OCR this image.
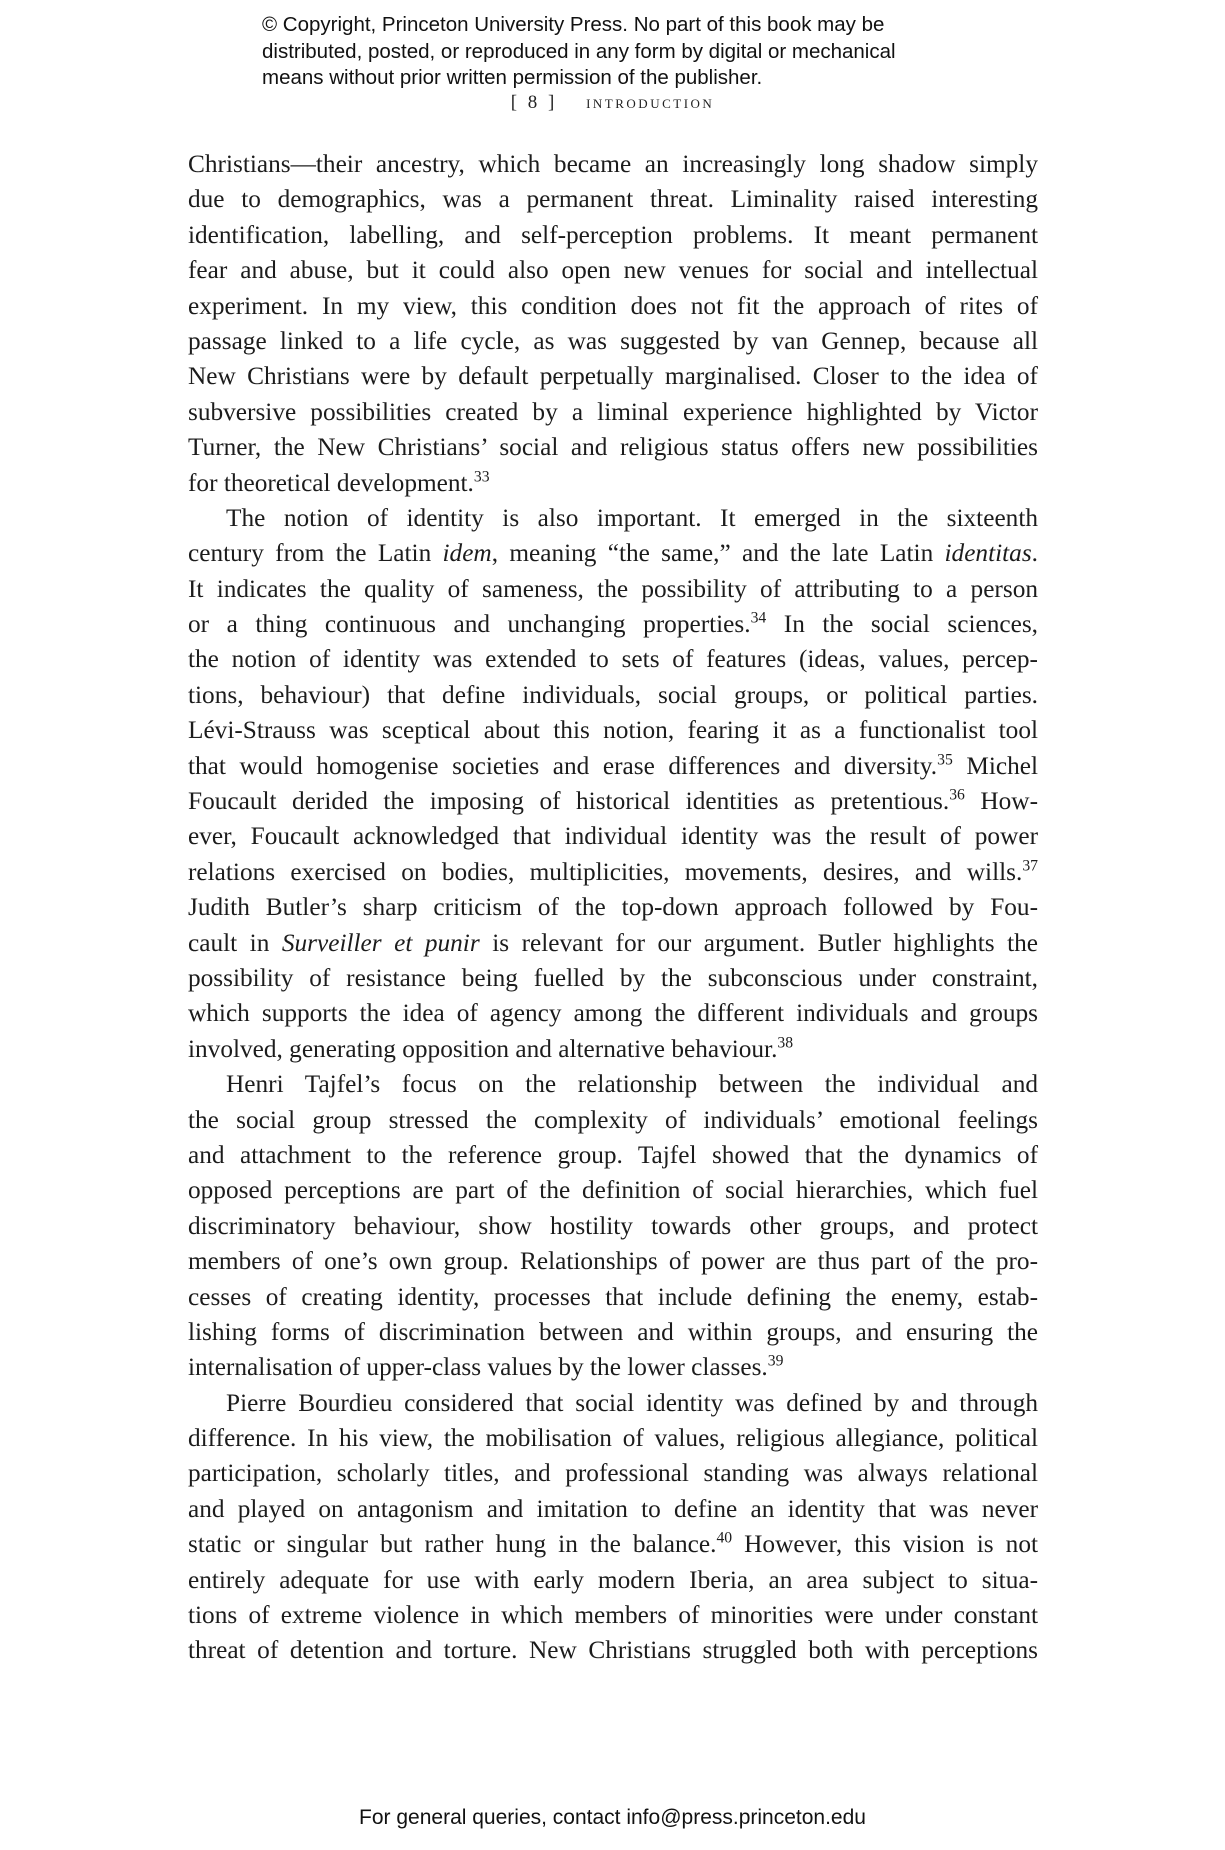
© Copyright, Princeton University Press. No part of this book may be

distributed, posted, or reproduced in any form by digital or mechanical

means without prior written permission of the publisher.

[ 8 ] introduction
Christians—their ancestry, which became an increasingly long shadow simply
due to demographics, was a permanent threat. Liminality raised interesting
identification, labelling, and self-perception problems. It meant permanent
fear and abuse, but it could also open new venues for social and intellectual
experiment. In my view, this condition does not fit the approach of rites of
passage linked to a life cycle, as was suggested by van Gennep, because all
New Christians were by default perpetually marginalised. Closer to the idea of
subversive possibilities created by a liminal experience highlighted by Victor
Turner, the New Christians’ social and religious status offers new possibilities
for theoretical development.$^{33}$
The notion of identity is also important. It emerged in the sixteenth
century from the Latin idem, meaning “the same,” and the late Latin identitas.
It indicates the quality of sameness, the possibility of attributing to a person
or a thing continuous and unchanging properties.$^{34}$ In the social sciences,
the notion of identity was extended to sets of features (ideas, values, percep-
tions, behaviour) that define individuals, social groups, or political parties.
Lévi-Strauss was sceptical about this notion, fearing it as a functionalist tool
that would homogenise societies and erase differences and diversity.$^{35}$ Michel
Foucault derided the imposing of historical identities as pretentious.$^{36}$ How-
ever, Foucault acknowledged that individual identity was the result of power
relations exercised on bodies, multiplicities, movements, desires, and wills.$^{37}$
Judith Butler’s sharp criticism of the top-down approach followed by Fou-
cault in Surveiller et punir is relevant for our argument. Butler highlights the
possibility of resistance being fuelled by the subconscious under constraint,
which supports the idea of agency among the different individuals and groups
involved, generating opposition and alternative behaviour.$^{38}$
Henri Tajfel’s focus on the relationship between the individual and
the social group stressed the complexity of individuals’ emotional feelings
and attachment to the reference group. Tajfel showed that the dynamics of
opposed perceptions are part of the definition of social hierarchies, which fuel
discriminatory behaviour, show hostility towards other groups, and protect
members of one’s own group. Relationships of power are thus part of the pro-
cesses of creating identity, processes that include defining the enemy, estab-
lishing forms of discrimination between and within groups, and ensuring the
internalisation of upper-class values by the lower classes.$^{39}$
Pierre Bourdieu considered that social identity was defined by and through
difference. In his view, the mobilisation of values, religious allegiance, political
participation, scholarly titles, and professional standing was always relational
and played on antagonism and imitation to define an identity that was never
static or singular but rather hung in the balance.$^{40}$ However, this vision is not
entirely adequate for use with early modern Iberia, an area subject to situa-
tions of extreme violence in which members of minorities were under constant
threat of detention and torture. New Christians struggled both with perceptions
For general queries, contact info@press.princeton.edu
